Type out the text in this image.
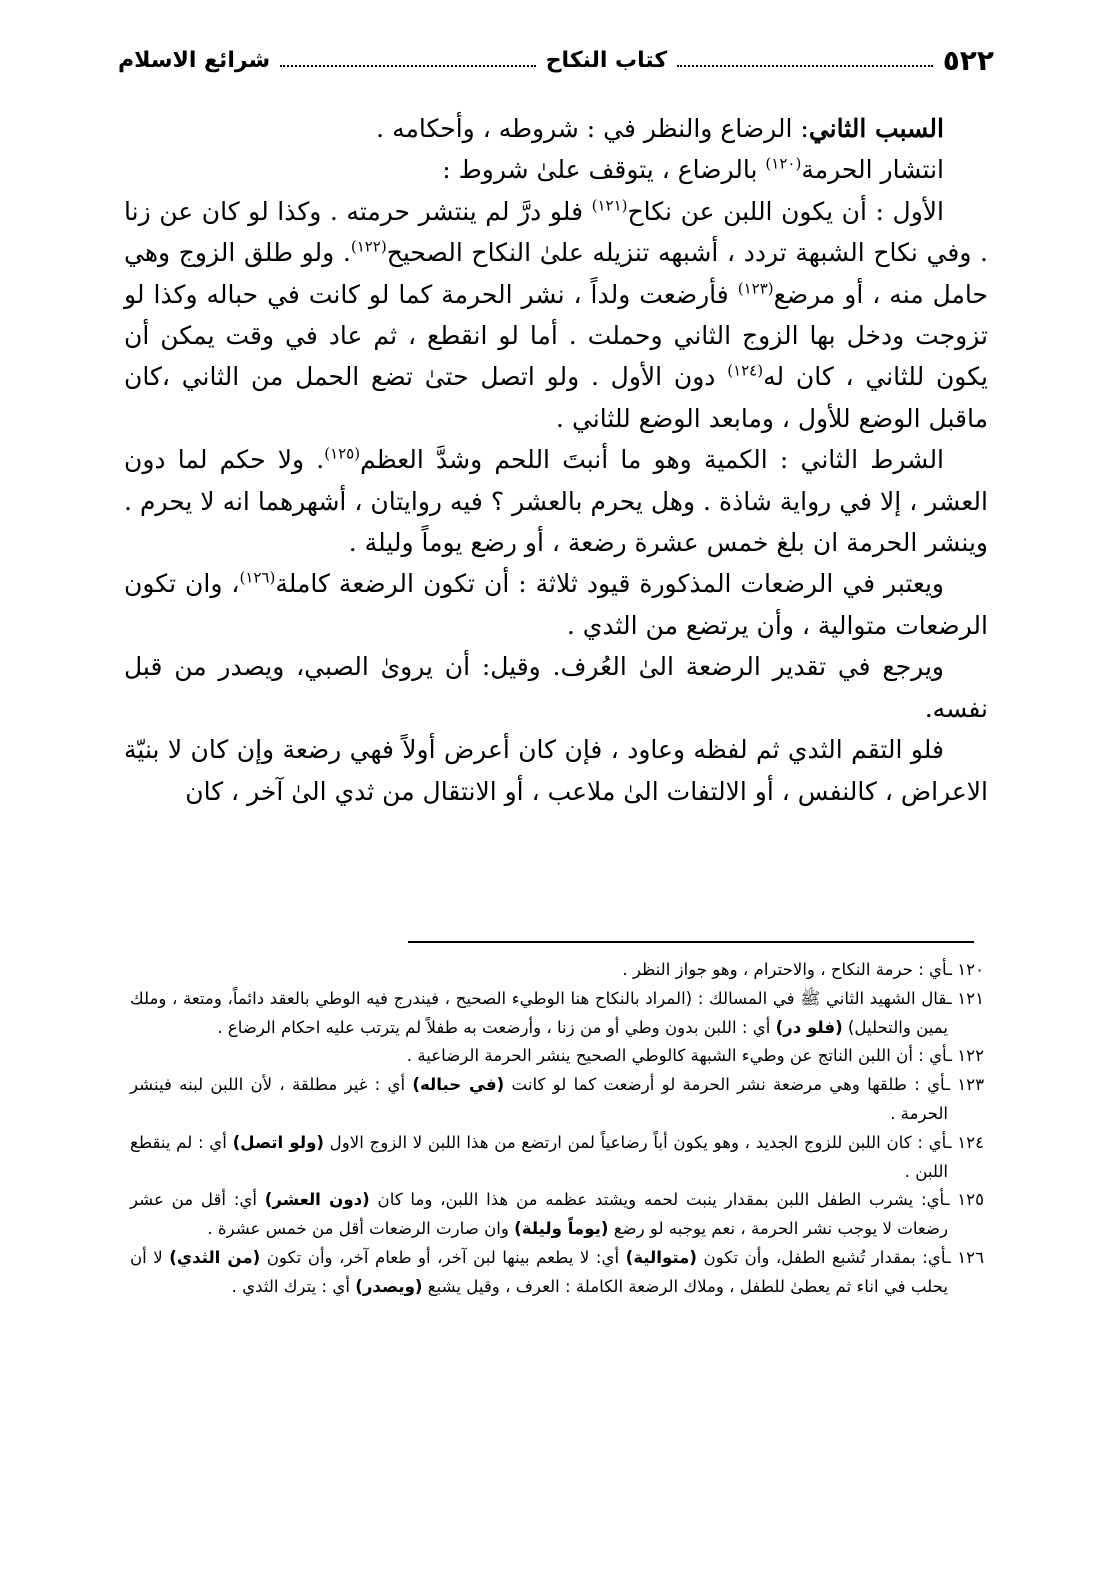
٥٢٢
كتاب النكاح
شرائع الاسلام

السبب الثاني: الرضاع والنظر في : شروطه ، وأحكامه .

انتشار الحرمة$^{(١٢٠)}$ بالرضاع ، يتوقف علىٰ شروط :

الأول : أن يكون اللبن عن نكاح$^{(١٢١)}$ فلو درَّ لم ينتشر حرمته . وكذا لو كان عن زنا . وفي نكاح الشبهة تردد ، أشبهه تنزيله علىٰ النكاح الصحيح$^{(١٢٢)}$. ولو طلق الزوج وهي حامل منه ، أو مرضع$^{(١٢٣)}$ فأرضعت ولداً ، نشر الحرمة كما لو كانت في حباله وكذا لو تزوجت ودخل بها الزوج الثاني وحملت . أما لو انقطع ، ثم عاد في وقت يمكن أن يكون للثاني ، كان له$^{(١٢٤)}$ دون الأول . ولو اتصل حتىٰ تضع الحمل من الثاني ،كان ماقبل الوضع للأول ، ومابعد الوضع للثاني .

الشرط الثاني : الكمية وهو ما أنبتَ اللحم وشدَّ العظم$^{(١٢٥)}$. ولا حكم لما دون العشر ، إلا في رواية شاذة . وهل يحرم بالعشر ؟ فيه روايتان ، أشهرهما انه لا يحرم . وينشر الحرمة ان بلغ خمس عشرة رضعة ، أو رضع يوماً وليلة .

ويعتبر في الرضعات المذكورة قيود ثلاثة : أن تكون الرضعة كاملة$^{(١٢٦)}$، وان تكون الرضعات متوالية ، وأن يرتضع من الثدي .

ويرجع في تقدير الرضعة الىٰ العُرف. وقيل: أن يرویٰ الصبي، ويصدر من قبل نفسه.

فلو التقم الثدي ثم لفظه وعاود ، فإن كان أعرض أولاً فهي رضعة وإن كان لا بنيّة الاعراض ، كالنفس ، أو الالتفات الىٰ ملاعب ، أو الانتقال من ثدي الىٰ آخر ، كان

١٢٠ ـأي : حرمة النكاح ، والاحترام ، وهو جواز النظر .

١٢١ ـقال الشهيد الثاني ﷺ في المسالك : (المراد بالنكاح هنا الوطيء الصحيح ، فيندرج فيه الوطي بالعقد دائماً، ومتعة ، وملك يمين والتحليل) (فلو در) أي : اللبن بدون وطي أو من زنا ، وأرضعت به طفلاً لم يترتب عليه احكام الرضاع .

١٢٢ ـأي : أن اللبن الناتج عن وطيء الشبهة كالوطي الصحيح ينشر الحرمة الرضاعية .

١٢٣ ـأي : طلقها وهي مرضعة نشر الحرمة لو أرضعت كما لو كانت (في حباله) أي : غير مطلقة ، لأن اللبن لبنه فينشر الحرمة .

١٢٤ ـأي : كان اللبن للزوج الجديد ، وهو يكون أباً رضاعياً لمن ارتضع من هذا اللبن لا الزوج الاول (ولو اتصل) أي : لم ينقطع اللبن .

١٢٥ ـأي: يشرب الطفل اللبن بمقدار ينبت لحمه ويشتد عظمه من هذا اللبن، وما كان (دون العشر) أي: أقل من عشر رضعات لا يوجب نشر الحرمة ، نعم يوجبه لو رضع (يوماً وليلة) وان صارت الرضعات أقل من خمس عشرة .

١٢٦ ـأي: بمقدار تُشبع الطفل، وأن تكون (متوالية) أي: لا يطعم بينها لبن آخر، أو طعام آخر، وأن تكون (من الثدي) لا أن يحلب في اناء ثم يعطىٰ للطفل ، وملاك الرضعة الكاملة : العرف ، وقيل يشبع (ويصدر) أي : يترك الثدي .
